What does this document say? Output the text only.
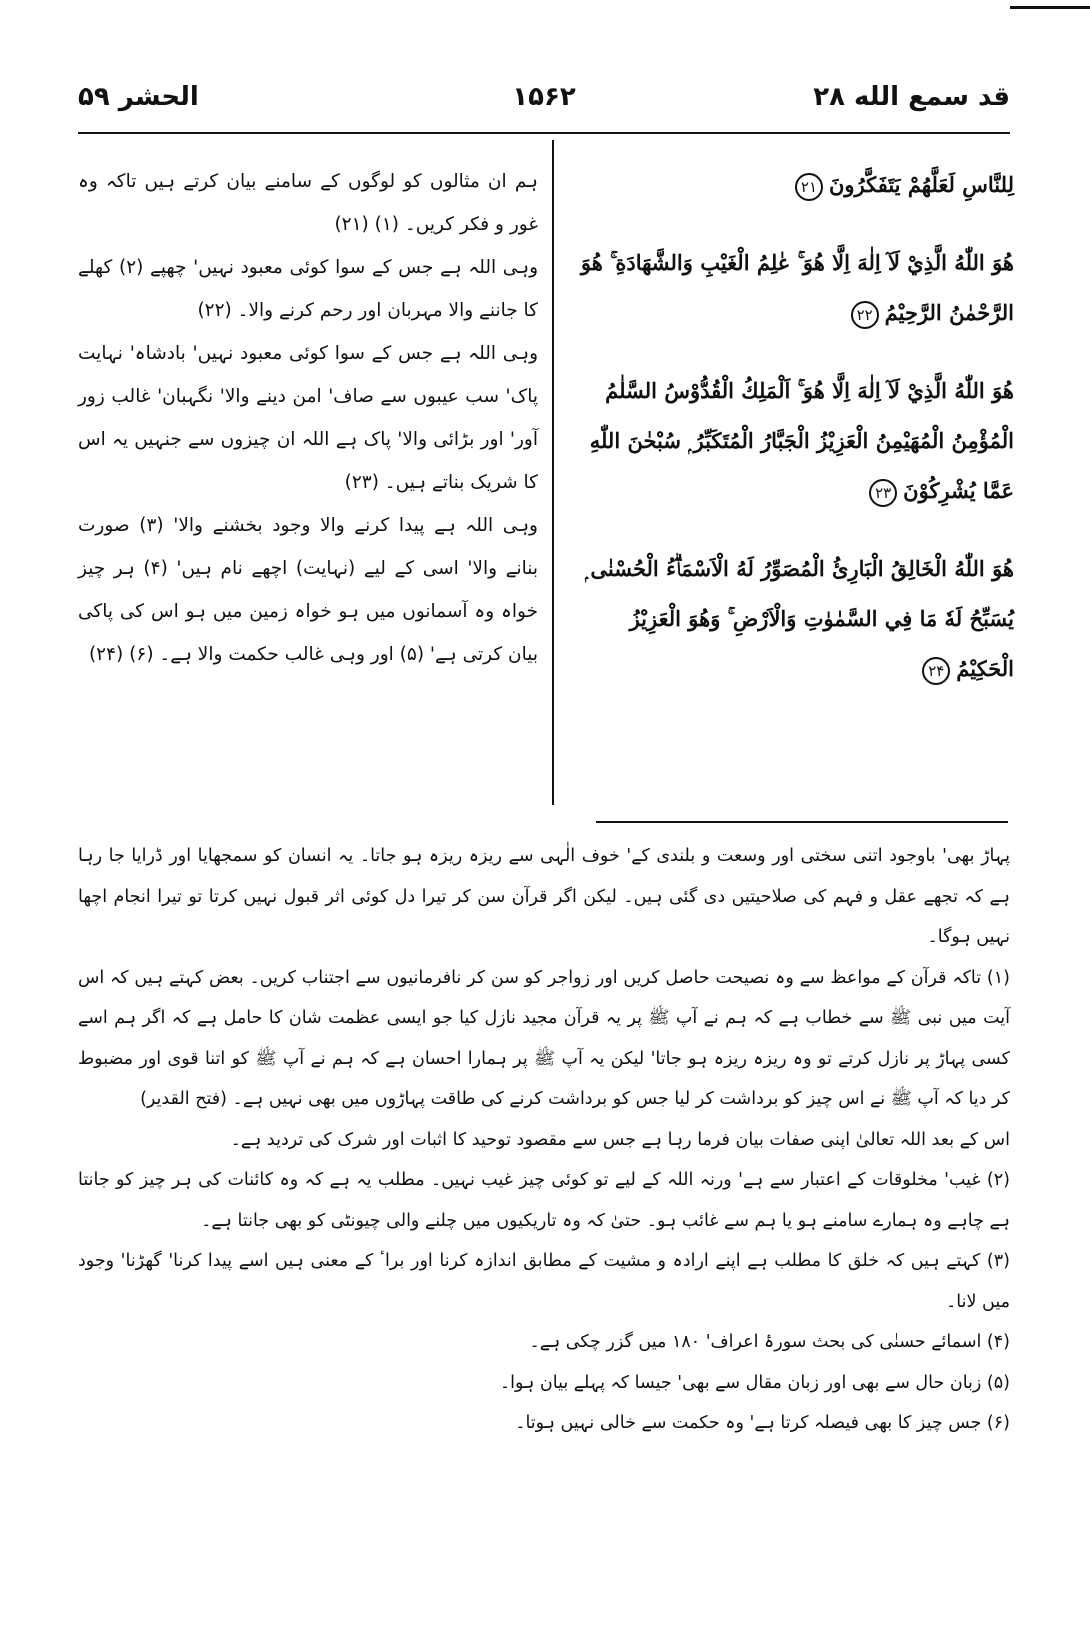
قد سمع الله ۲۸
۱۵۶۲
الحشر ۵۹

لِلنَّاسِ لَعَلَّهُمْ يَتَفَكَّرُونَ۲۱

هُوَ اللّٰهُ الَّذِيْ لَآ اِلٰهَ اِلَّا هُوَ ۚ عٰلِمُ الْغَيْبِ وَالشَّهَادَةِ ۚ هُوَ الرَّحْمٰنُ الرَّحِيْمُ۲۲

هُوَ اللّٰهُ الَّذِيْ لَآ اِلٰهَ اِلَّا هُوَ ۚ اَلْمَلِكُ الْقُدُّوْسُ السَّلٰمُ الْمُؤْمِنُ الْمُهَيْمِنُ الْعَزِيْزُ الْجَبَّارُ الْمُتَكَبِّرُ ۭ سُبْحٰنَ اللّٰهِ عَمَّا يُشْرِكُوْنَ۲۳

هُوَ اللّٰهُ الْخَالِقُ الْبَارِئُ الْمُصَوِّرُ لَهُ الْاَسْمَاۗءُ الْحُسْنٰى ۭ يُسَبِّحُ لَهٗ مَا فِي السَّمٰوٰتِ وَالْاَرْضِ ۚ وَهُوَ الْعَزِيْزُ الْحَكِيْمُ۲۴

ہم ان مثالوں کو لوگوں کے سامنے بیان کرتے ہیں تاکہ وہ غور و فکر کریں۔ (۱) (۲۱)

وہی اللہ ہے جس کے سوا کوئی معبود نہیں' چھپے (۲) کھلے کا جاننے والا مہربان اور رحم کرنے والا۔ (۲۲)

وہی اللہ ہے جس کے سوا کوئی معبود نہیں' بادشاہ' نہایت پاک' سب عیبوں سے صاف' امن دینے والا' نگہبان' غالب زور آور' اور بڑائی والا' پاک ہے اللہ ان چیزوں سے جنہیں یہ اس کا شریک بناتے ہیں۔ (۲۳)

وہی اللہ ہے پیدا کرنے والا وجود بخشنے والا' (۳) صورت بنانے والا' اسی کے لیے (نہایت) اچھے نام ہیں' (۴) ہر چیز خواہ وہ آسمانوں میں ہو خواہ زمین میں ہو اس کی پاکی بیان کرتی ہے' (۵) اور وہی غالب حکمت والا ہے۔ (۶) (۲۴)

پہاڑ بھی' باوجود اتنی سختی اور وسعت و بلندی کے' خوف الٰہی سے ریزہ ریزہ ہو جاتا۔ یہ انسان کو سمجھایا اور ڈرایا جا رہا ہے کہ تجھے عقل و فہم کی صلاحیتیں دی گئی ہیں۔ لیکن اگر قرآن سن کر تیرا دل کوئی اثر قبول نہیں کرتا تو تیرا انجام اچھا نہیں ہوگا۔

(۱) تاکہ قرآن کے مواعظ سے وہ نصیحت حاصل کریں اور زواجر کو سن کر نافرمانیوں سے اجتناب کریں۔ بعض کہتے ہیں کہ اس آیت میں نبی ﷺ سے خطاب ہے کہ ہم نے آپ ﷺ پر یہ قرآن مجید نازل کیا جو ایسی عظمت شان کا حامل ہے کہ اگر ہم اسے کسی پہاڑ پر نازل کرتے تو وہ ریزہ ریزہ ہو جاتا' لیکن یہ آپ ﷺ پر ہمارا احسان ہے کہ ہم نے آپ ﷺ کو اتنا قوی اور مضبوط کر دیا کہ آپ ﷺ نے اس چیز کو برداشت کر لیا جس کو برداشت کرنے کی طاقت پہاڑوں میں بھی نہیں ہے۔ (فتح القدیر)

اس کے بعد اللہ تعالیٰ اپنی صفات بیان فرما رہا ہے جس سے مقصود توحید کا اثبات اور شرک کی تردید ہے۔

(۲) غیب' مخلوقات کے اعتبار سے ہے' ورنہ اللہ کے لیے تو کوئی چیز غیب نہیں۔ مطلب یہ ہے کہ وہ کائنات کی ہر چیز کو جانتا ہے چاہے وہ ہمارے سامنے ہو یا ہم سے غائب ہو۔ حتیٰ کہ وہ تاریکیوں میں چلنے والی چیونٹی کو بھی جانتا ہے۔

(۳) کہتے ہیں کہ خلق کا مطلب ہے اپنے ارادہ و مشیت کے مطابق اندازہ کرنا اور براٴ کے معنی ہیں اسے پیدا کرنا' گھڑنا' وجود میں لانا۔

(۴) اسمائے حسنٰی کی بحث سورۂ اعراف' ۱۸۰ میں گزر چکی ہے۔

(۵) زبان حال سے بھی اور زبان مقال سے بھی' جیسا کہ پہلے بیان ہوا۔

(۶) جس چیز کا بھی فیصلہ کرتا ہے' وہ حکمت سے خالی نہیں ہوتا۔
